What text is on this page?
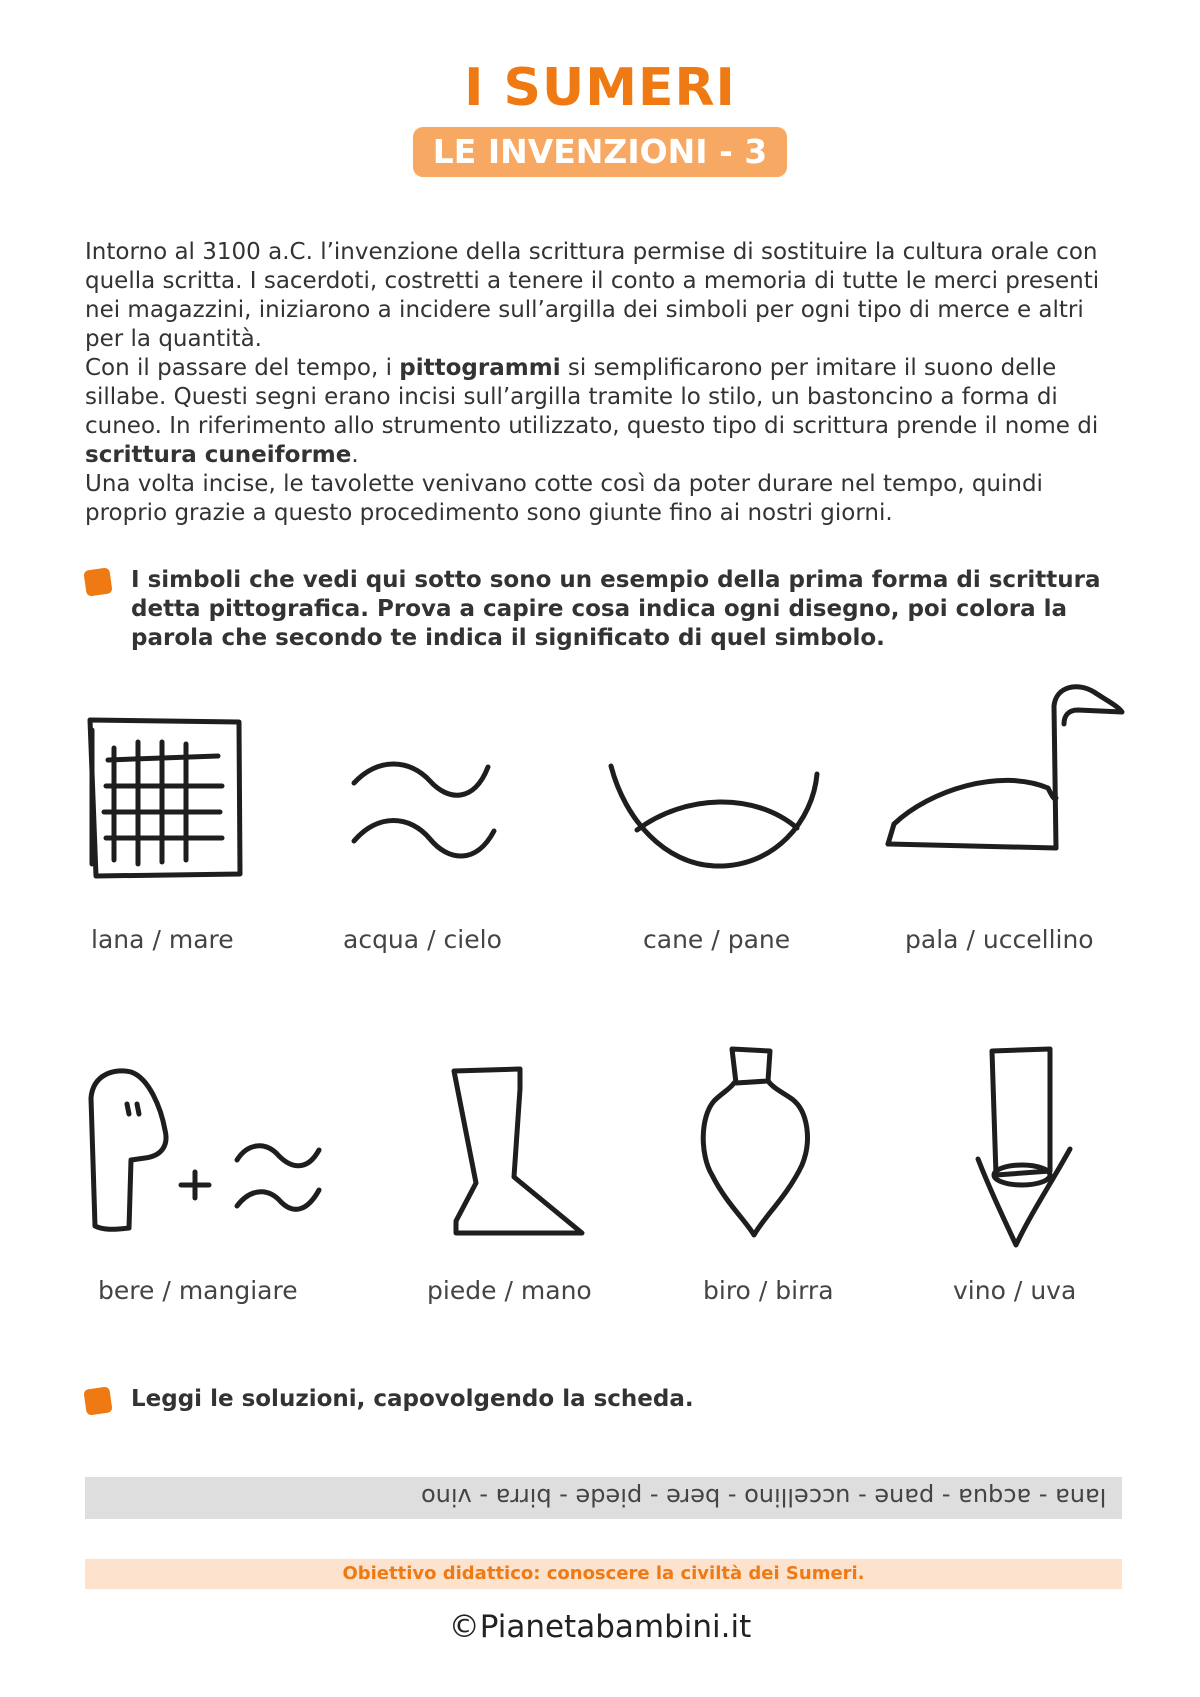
I SUMERI
LE INVENZIONI - 3

Intorno al 3100 a.C. l’invenzione della scrittura permise di sostituire la cultura orale con quella scritta. I sacerdoti, costretti a tenere il conto a memoria di tutte le merci presenti nei magazzini, iniziarono a incidere sull’argilla dei simboli per ogni tipo di merce e altri per la quantità.

Con il passare del tempo, i pittogrammi si semplificarono per imitare il suono delle sillabe. Questi segni erano incisi sull’argilla tramite lo stilo, un bastoncino a forma di cuneo. In riferimento allo strumento utilizzato, questo tipo di scrittura prende il nome di scrittura cuneiforme.

Una volta incise, le tavolette venivano cotte così da poter durare nel tempo, quindi proprio grazie a questo procedimento sono giunte fino ai nostri giorni.

I simboli che vedi qui sotto sono un esempio della prima forma di scrittura detta pittografica. Prova a capire cosa indica ogni disegno, poi colora la parola che secondo te indica il significato di quel simbolo.
lana / mare	acqua / cielo	cane / pane	pala / uccellino
bere / mangiare	piede / mano	biro / birra	vino / uva
Leggi le soluzioni, capovolgendo la scheda.
lana - acqua - pane - uccellino - bere - piede - birra - vino
Obiettivo didattico: conoscere la civiltà dei Sumeri.
©Pianetabambini.it
